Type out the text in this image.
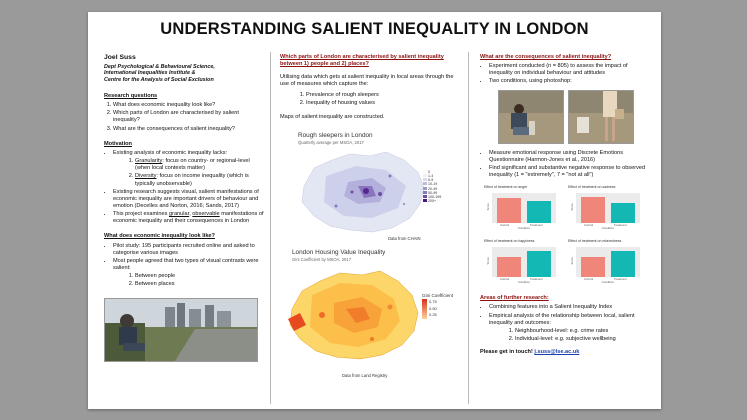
UNDERSTANDING SALIENT INEQUALITY IN LONDON
Joel Suss
Dept Psychological & Behavioural Science,
International Inequalities Institute &
Centre for the Analysis of Social Exclusion
Research questions
1. What does economic inequality look like?
2. Which parts of London are characterised by salient inequality?
3. What are the consequences of salient inequality?
Motivation
• Existing analysis of economic inequality lacks:
1. Granularity: focus on country- or regional-level (when local contexts matter)
2. Diversity: focus on income inequality (which is typically unobservable)
• Existing research suggests visual, salient manifestations of economic inequality are important drivers of behaviour and emotion (Decelles and Norton, 2016; Sands, 2017)
• This project examines granular, observable manifestations of economic inequality and their consequences in London
What does economic inequality look like?
• Pilot study: 195 participants recruited online and asked to categorise various images
• Most people agreed that two types of visual contrasts were salient:
1. Between people
2. Between places
Which parts of London are characterised by salient inequality between 1) people and 2) places?
Utilising data which gets at salient inequality in local areas through the use of measures which capture the:
1. Prevalence of rough sleepers
2. Inequality of housing values
Maps of salient inequality are constructed.
Rough sleepers in London
Quarterly average per MSOA, 2017
0
1-4
5-9
10-19
20-49
50-99
100-199
200+
Data from CHAIN
London Housing Value Inequality
Gini Coefficient by MSOA, 2017
Gini Coefficient
0.75
0.50
0.25
Data from Land Registry
What are the consequences of salient inequality?
• Experiment conducted (n = 805) to assess the impact of inequality on individual behaviour and attitudes
• Two conditions, using photoshop:
• Measure emotional response using Discrete Emotions Questionnaire (Harmon-Jones et al., 2016)
• Find significant and substantive negative response to observed inequality (1 = "extremely", 7 = "not at all")
Effect of treatment on anger
Score
Control	Treatment
Condition
Effect of treatment on sadness
Score
Control	Treatment
Condition
Effect of treatment on happiness
Score
Control	Treatment
Condition
Effect of treatment on relaxedness
Score
Control	Treatment
Condition
Areas of further research:
• Combining features into a Salient Inequality Index
• Empirical analysis of the relationship between local, salient inequality and outcomes:
1. Neighbourhood-level: e.g. crime rates
2. Individual-level: e.g. subjective wellbeing
Please get in touch! j.suss@lse.ac.uk
